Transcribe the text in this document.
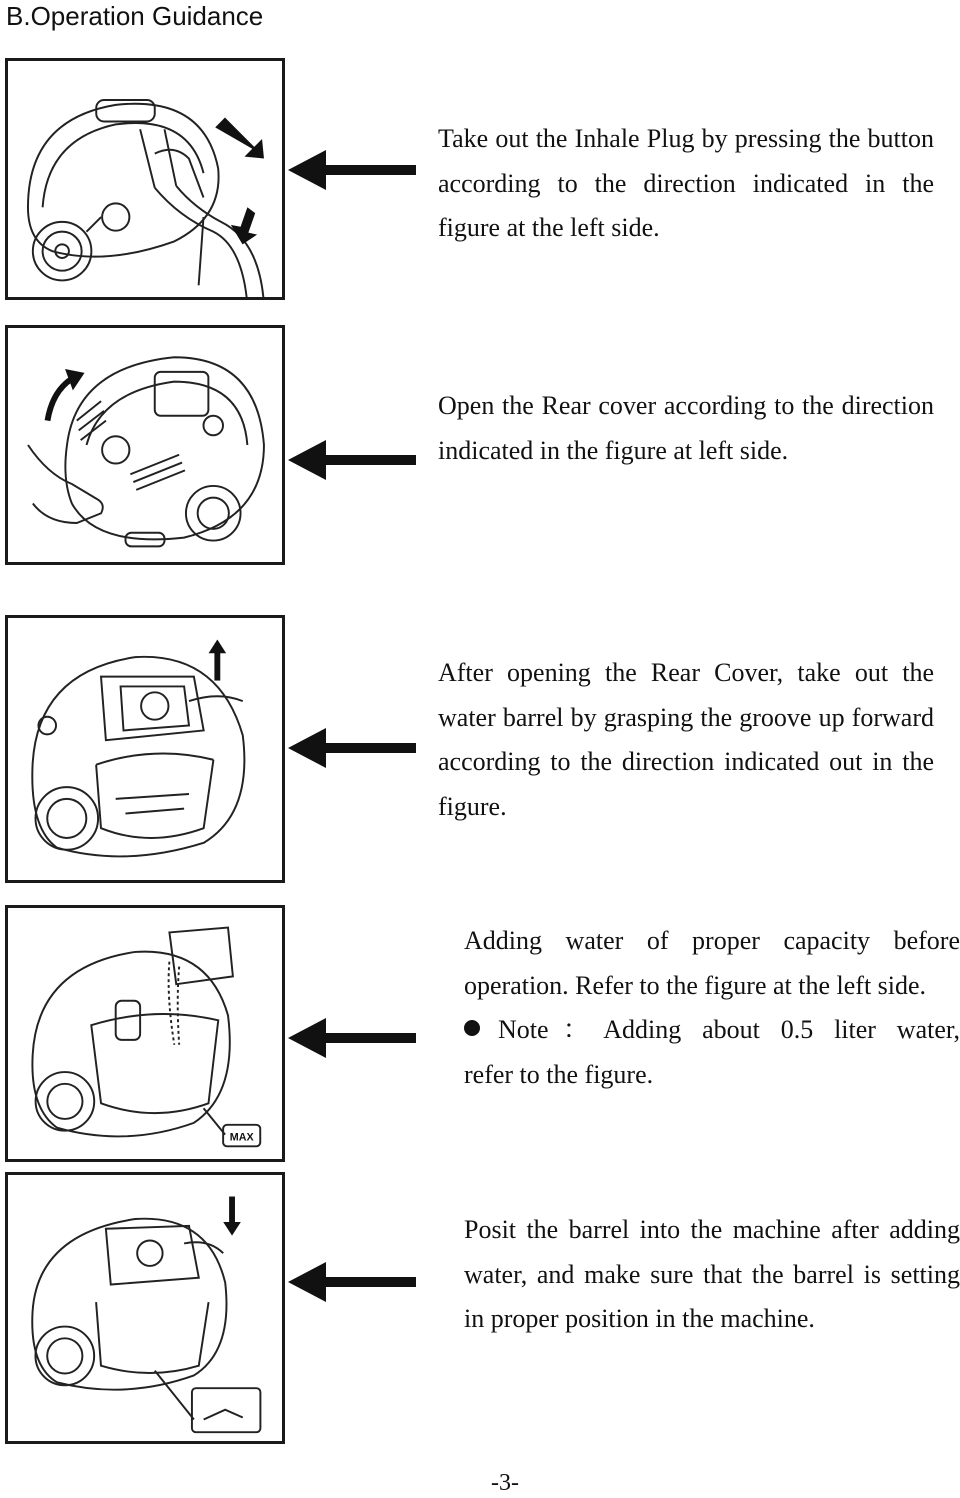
B.Operation Guidance
Take out the Inhale Plug by pressing the button according to the direction indicated in the figure at the left side.
Open the Rear cover according to the direction indicated in the figure at left side.
After opening the Rear Cover, take out the water barrel by grasping the groove up forward according to the direction indicated out in the figure.
MAX

Adding water of proper capacity before operation. Refer to the figure at the left side.

Note：Adding about 0.5 liter water,

refer to the figure.

Posit the barrel into the machine after adding water, and make sure that the barrel is setting in proper position in the machine.
-3-
